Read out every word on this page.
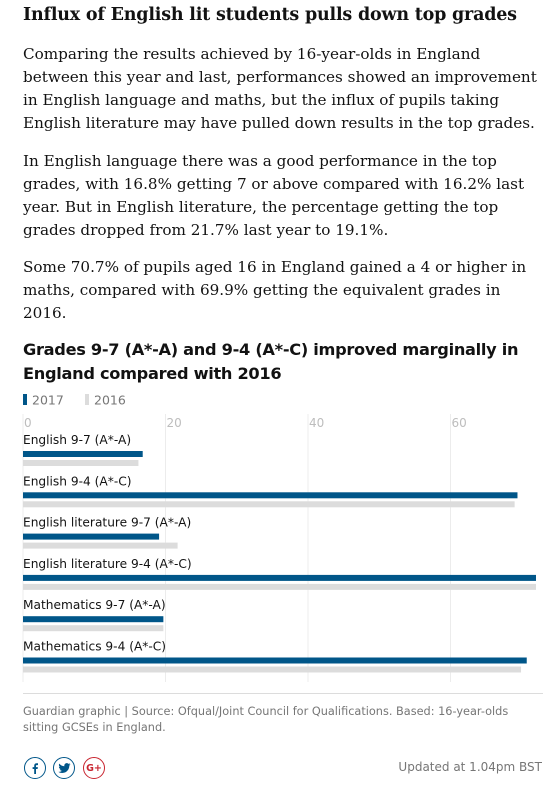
Influx of English lit students pulls down top grades

Comparing the results achieved by 16-year-olds in England between this year and last, performances showed an improvement in English language and maths, but the influx of pupils taking English literature may have pulled down results in the top grades.

In English language there was a good performance in the top grades, with 16.8% getting 7 or above compared with 16.2% last year. But in English literature, the percentage getting the top grades dropped from 21.7% last year to 19.1%.

Some 70.7% of pupils aged 16 in England gained a 4 or higher in maths, compared with 69.9% getting the equivalent grades in 2016.

Grades 9-7 (A*-A) and 9-4 (A*-C) improved marginally in England compared with 2016
2017 2016
0	20	40	60
English 9-7 (A*-A)
English 9-4 (A*-C)
English literature 9-7 (A*-A)
English literature 9-4 (A*-C)
Mathematics 9-7 (A*-A)
Mathematics 9-4 (A*-C)
Guardian graphic | Source: Ofqual/Joint Council for Qualifications. Based: 16-year-olds sitting GCSEs in England.
G+	Updated at 1.04pm BST
